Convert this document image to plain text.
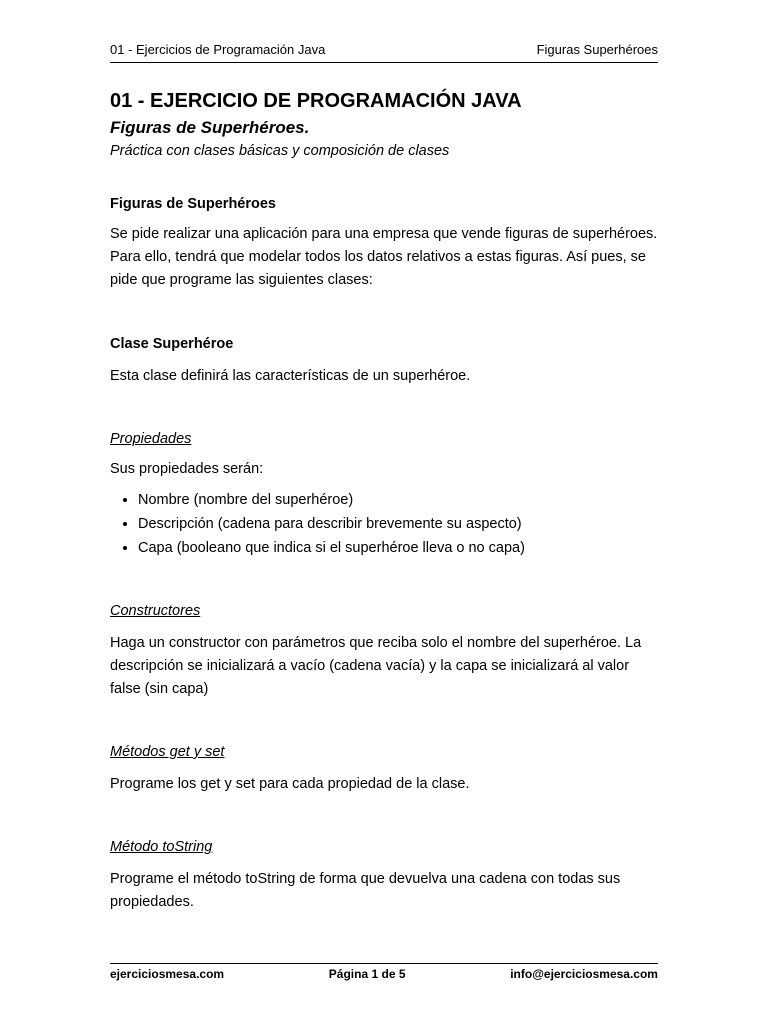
01 - Ejercicios de Programación Java	Figuras Superhéroes
01 - EJERCICIO DE PROGRAMACIÓN JAVA

Figuras de Superhéroes.

Práctica con clases básicas y composición de clases

Figuras de Superhéroes

Se pide realizar una aplicación para una empresa que vende figuras de superhéroes. Para ello, tendrá que modelar todos los datos relativos a estas figuras. Así pues, se pide que programe las siguientes clases:

Clase Superhéroe

Esta clase definirá las características de un superhéroe.

Propiedades

Sus propiedades serán:

• Nombre (nombre del superhéroe)
• Descripción (cadena para describir brevemente su aspecto)
• Capa (booleano que indica si el superhéroe lleva o no capa)

Constructores

Haga un constructor con parámetros que reciba solo el nombre del superhéroe. La descripción se inicializará a vacío (cadena vacía) y la capa se inicializará al valor false (sin capa)

Métodos get y set

Programe los get y set para cada propiedad de la clase.

Método toString

Programe el método toString de forma que devuelva una cadena con todas sus propiedades.

ejerciciosmesa.com	Página 1 de 5	info@ejerciciosmesa.com
